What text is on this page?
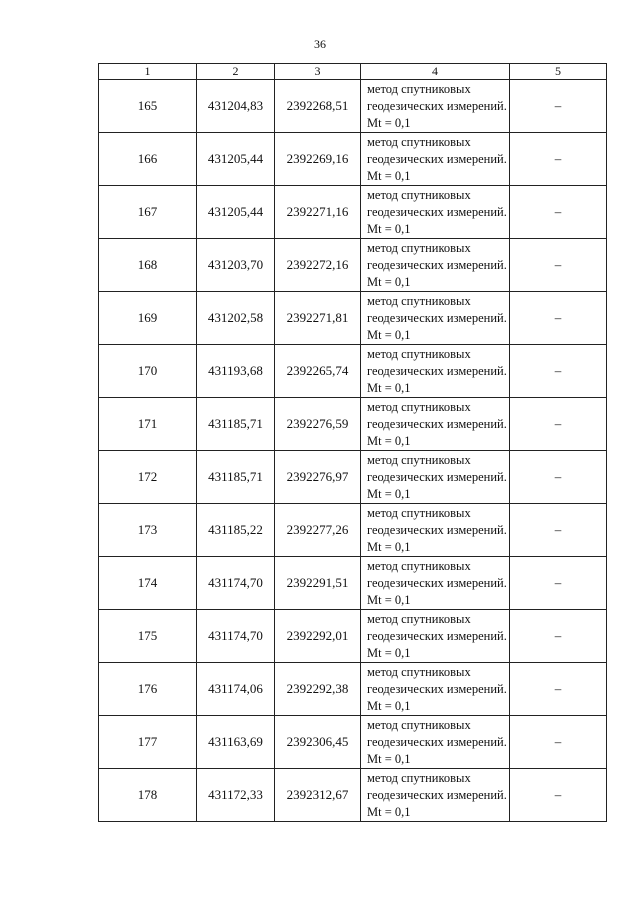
36
1	2	3	4	5
165	431204,83	2392268,51	метод спутниковых геодезических измерений. Mt = 0,1	–
166	431205,44	2392269,16	метод спутниковых геодезических измерений. Mt = 0,1	–
167	431205,44	2392271,16	метод спутниковых геодезических измерений. Mt = 0,1	–
168	431203,70	2392272,16	метод спутниковых геодезических измерений. Mt = 0,1	–
169	431202,58	2392271,81	метод спутниковых геодезических измерений. Mt = 0,1	–
170	431193,68	2392265,74	метод спутниковых геодезических измерений. Mt = 0,1	–
171	431185,71	2392276,59	метод спутниковых геодезических измерений. Mt = 0,1	–
172	431185,71	2392276,97	метод спутниковых геодезических измерений. Mt = 0,1	–
173	431185,22	2392277,26	метод спутниковых геодезических измерений. Mt = 0,1	–
174	431174,70	2392291,51	метод спутниковых геодезических измерений. Mt = 0,1	–
175	431174,70	2392292,01	метод спутниковых геодезических измерений. Mt = 0,1	–
176	431174,06	2392292,38	метод спутниковых геодезических измерений. Mt = 0,1	–
177	431163,69	2392306,45	метод спутниковых геодезических измерений. Mt = 0,1	–
178	431172,33	2392312,67	метод спутниковых геодезических измерений. Mt = 0,1	–
